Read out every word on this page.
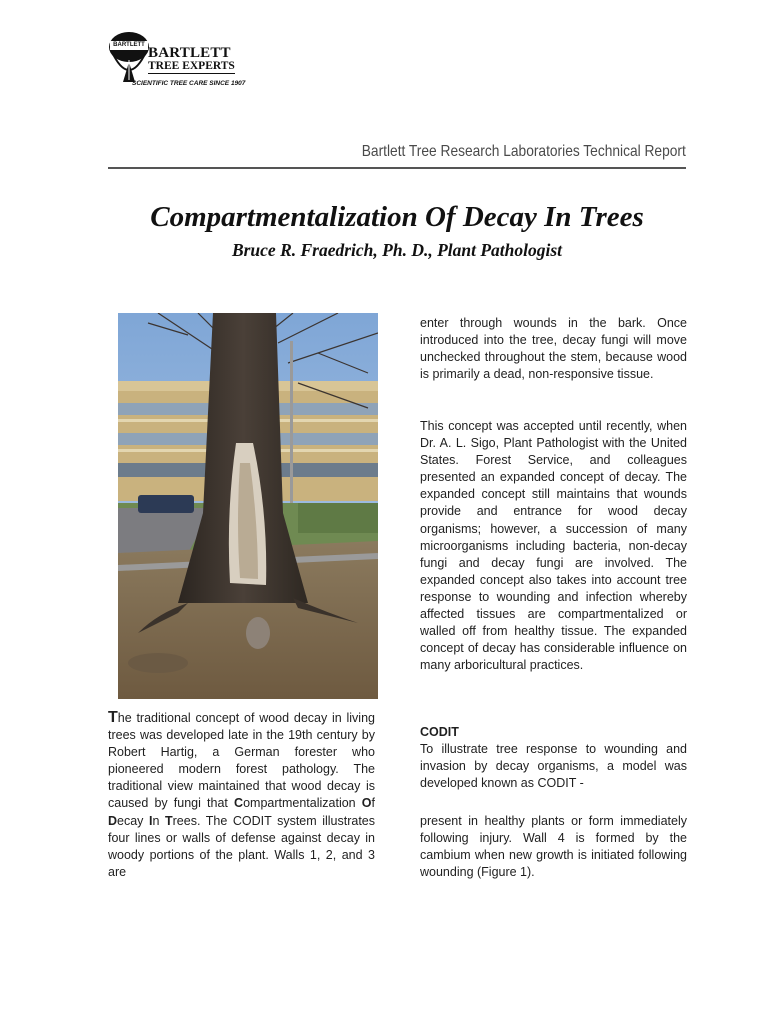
BARTLETT BARTLETT
TREE EXPERTS
SCIENTIFIC TREE CARE SINCE 1907
Bartlett Tree Research Laboratories Technical Report
Compartmentalization Of Decay In Trees
Bruce R. Fraedrich, Ph. D., Plant Pathologist

The traditional concept of wood decay in living trees was developed late in the 19th century by Robert Hartig, a German forester who pioneered modern forest pathology. The traditional view maintained that wood decay is caused by fungi that Compartmentalization Of Decay In Trees. The CODIT system illustrates four lines or walls of defense against decay in woody portions of the plant. Walls 1, 2, and 3 are

enter through wounds in the bark. Once introduced into the tree, decay fungi will move unchecked throughout the stem, because wood is primarily a dead, non-responsive tissue.

This concept was accepted until recently, when Dr. A. L. Sigo, Plant Pathologist with the United States. Forest Service, and colleagues presented an expanded concept of decay. The expanded concept still maintains that wounds provide and entrance for wood decay organisms; however, a succession of many microorganisms including bacteria, non-decay fungi and decay fungi are involved. The expanded concept also takes into account tree response to wounding and infection whereby affected tissues are compartmentalized or walled off from healthy tissue. The expanded concept of decay has considerable influence on many arboricultural practices.

CODIT

To illustrate tree response to wounding and invasion by decay organisms, a model was developed known as CODIT -

present in healthy plants or form immediately following injury. Wall 4 is formed by the cambium when new growth is initiated following wounding (Figure 1).
